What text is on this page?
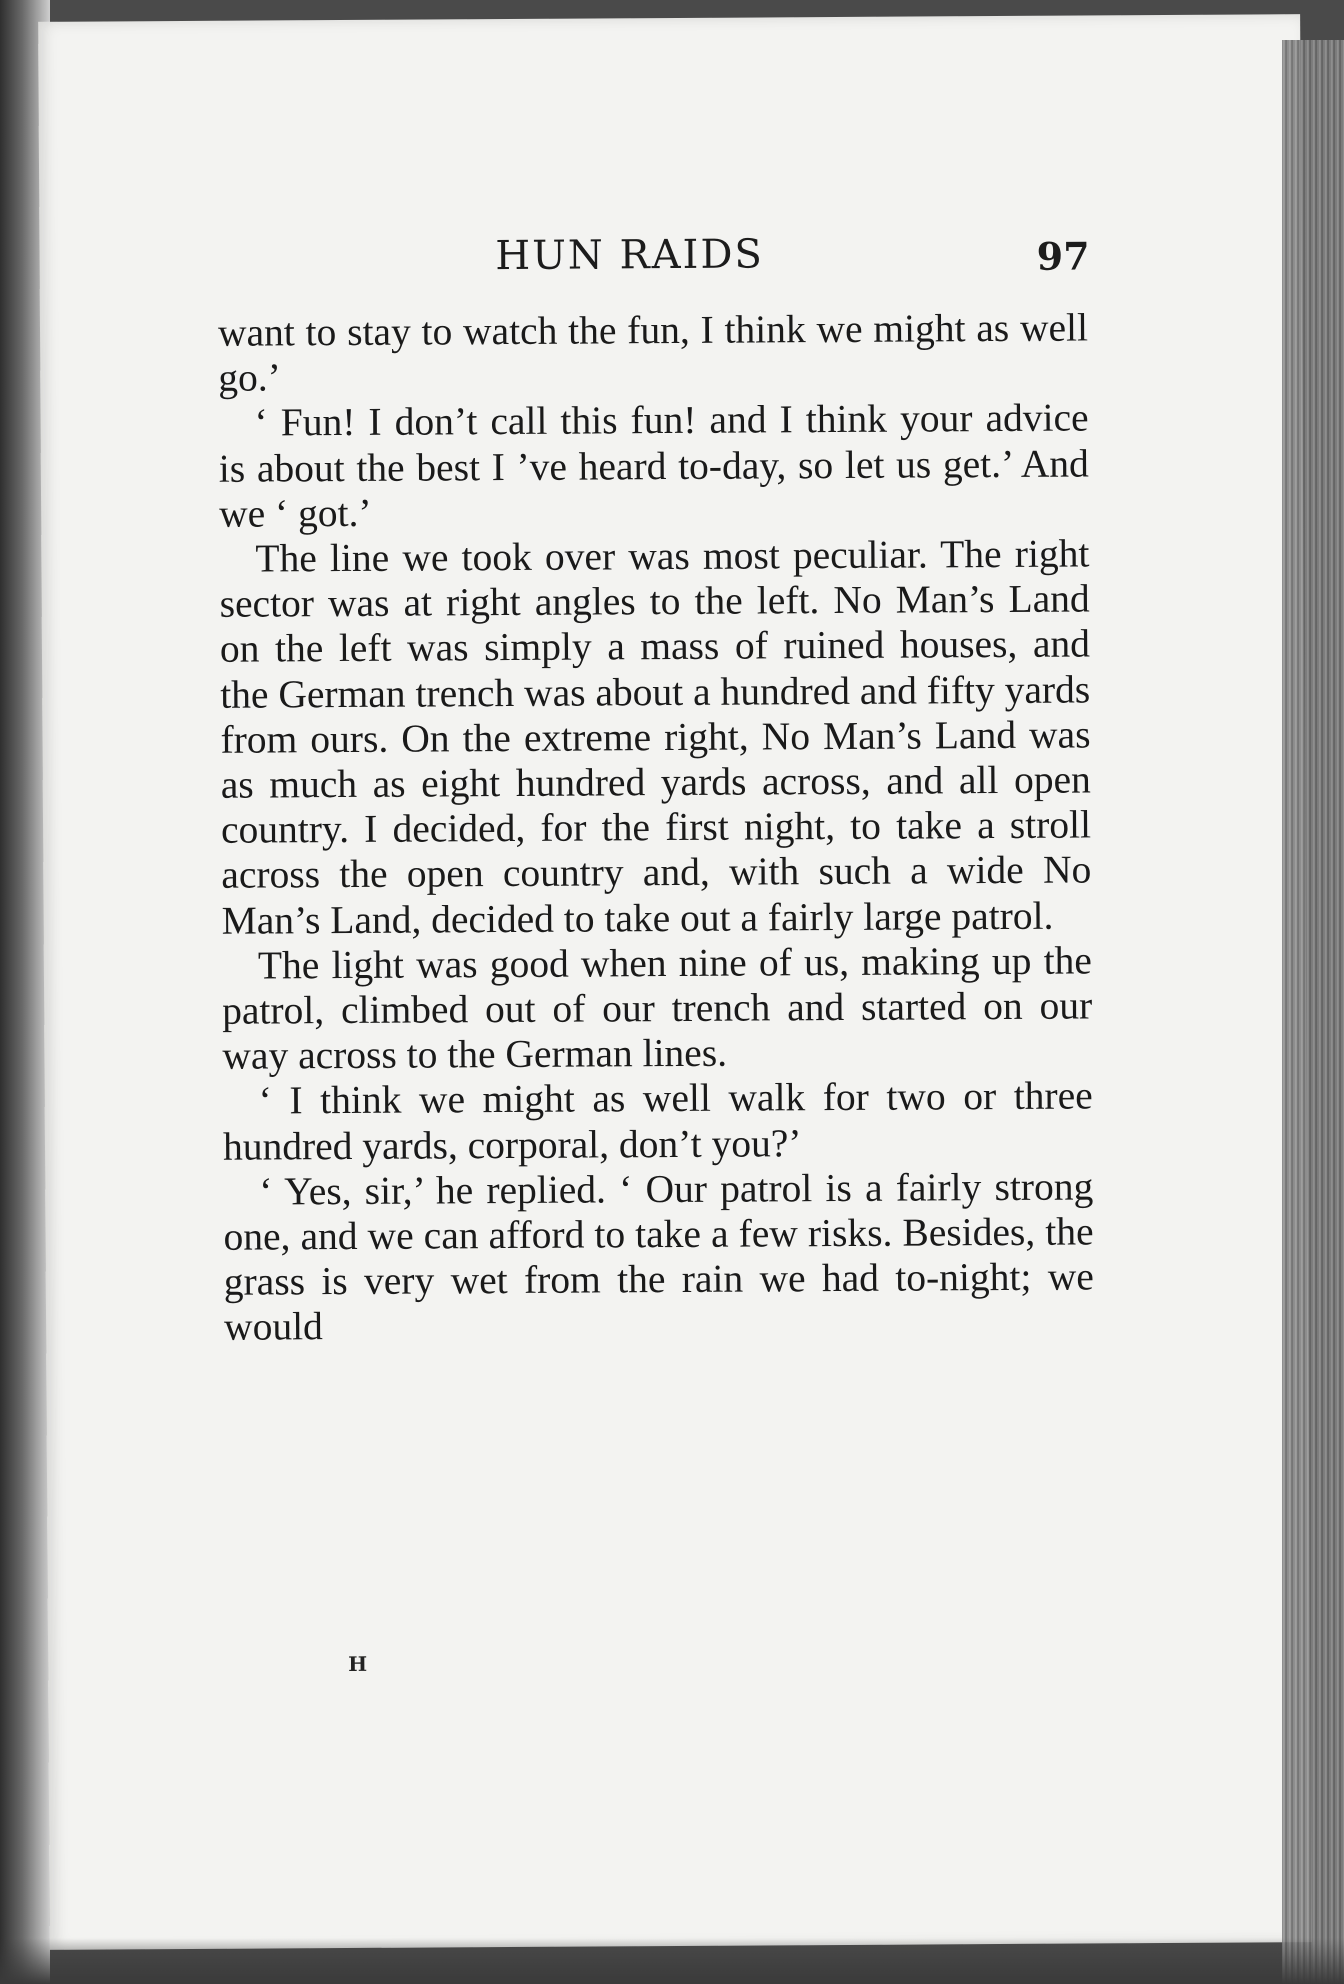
HUN RAIDS	97

want to stay to watch the fun, I think we might as well go.’

‘ Fun! I don’t call this fun! and I think your advice is about the best I ’ve heard to-day, so let us get.’ And we ‘ got.’

The line we took over was most peculiar. The right sector was at right angles to the left. No Man’s Land on the left was simply a mass of ruined houses, and the German trench was about a hundred and fifty yards from ours. On the extreme right, No Man’s Land was as much as eight hundred yards across, and all open country. I decided, for the first night, to take a stroll across the open country and, with such a wide No Man’s Land, decided to take out a fairly large patrol.

The light was good when nine of us, making up the patrol, climbed out of our trench and started on our way across to the German lines.

‘ I think we might as well walk for two or three hundred yards, corporal, don’t you?’

‘ Yes, sir,’ he replied. ‘ Our patrol is a fairly strong one, and we can afford to take a few risks. Besides, the grass is very wet from the rain we had to-night; we would

H
